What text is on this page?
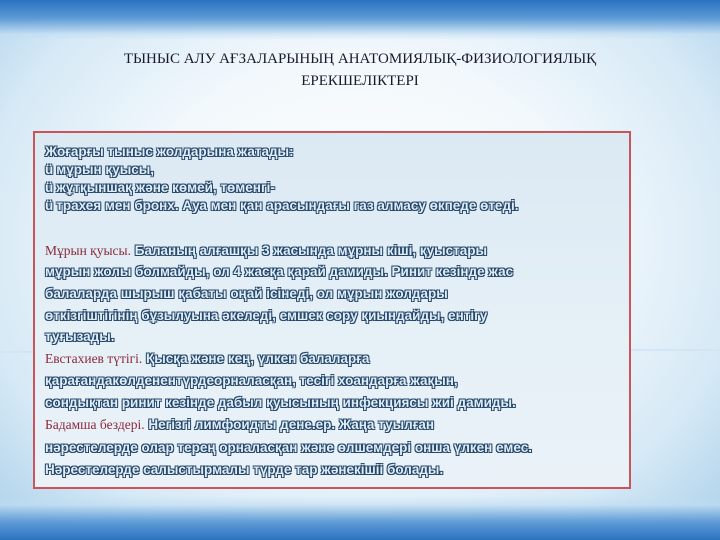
ТЫНЫС АЛУ АҒЗАЛАРЫНЫҢ АНАТОМИЯЛЫҚ-ФИЗИОЛОГИЯЛЫҚ
ЕРЕКШЕЛІКТЕРІ
Жоғарғы тыныс жолдарына жатады:
ü мұрын қуысы,
ü жұтқыншақ және көмей, төменгі-
ü трахея мен бронх. Ауа мен қан арасындағы газ алмасу өкпеде өтеді.
Мұрын қуысы. Баланың алғашқы 3 жасында мұрны кіші, қуыстары
мұрын жолы болмайды, ол 4 жасқа қарай дамиды. Ринит кезінде жас
балаларда шырыш қабаты оңай ісінеді, ол мұрын жолдары
өткізгіштігінің бұзылуына әкеледі, емшек сору қиындайды, ентігу
туғызады.
Евстахиев түтігі. Қысқа және кең, үлкен балаларға
қарағандакөлденентүрдеорналасқан, тесігі хоандарға жақын,
сондықтан ринит кезінде дабыл қуысының инфекциясы жиі дамиды.
Бадамша бездері. Негізгі лимфоидты дене.ер. Жаңа туылған
нәрестелерде олар терең орналасқан және өлшемдері онша үлкен емес.
Нәрестелерде салыстырмалы түрде тар жәнекішіі болады.
